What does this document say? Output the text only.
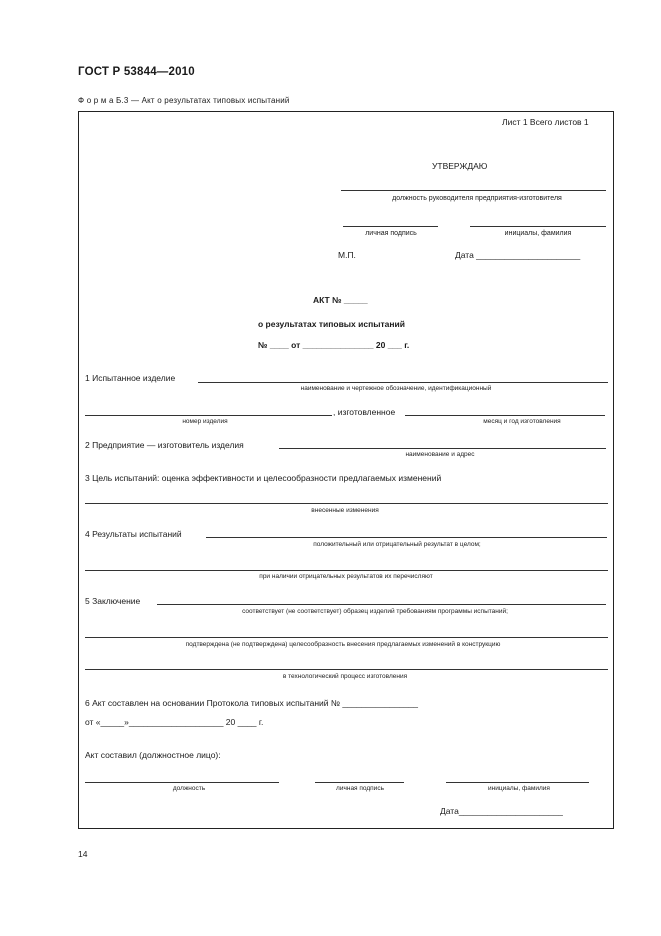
ГОСТ Р 53844—2010
Ф о р м а Б.3 — Акт о результатах типовых испытаний
Лист 1 Всего листов 1
УТВЕРЖДАЮ
должность руководителя предприятия-изготовителя
личная подпись	инициалы, фамилия
М.П.	Дата ______________________
АКТ № _____
о результатах типовых испытаний
№ ____ от _______________ 20 ___ г.
1 Испытанное изделие
наименование и чертежное обозначение, идентификационный
, изготовленное
номер изделия	месяц и год изготовления
2 Предприятие — изготовитель изделия
наименование и адрес
3 Цель испытаний: оценка эффективности и целесообразности предлагаемых изменений
внесенные изменения
4 Результаты испытаний
положительный или отрицательный результат в целом;
при наличии отрицательных результатов их перечисляют
5 Заключение
соответствует (не соответствует) образец изделий требованиям программы испытаний;
подтверждена (не подтверждена) целесообразность внесения предлагаемых изменений в конструкцию
в технологический процесс изготовления
6 Акт составлен на основании Протокола типовых испытаний № ________________
от «_____»____________________ 20 ____ г.
Акт составил (должностное лицо):
должность	личная подпись	инициалы, фамилия
Дата______________________
14
